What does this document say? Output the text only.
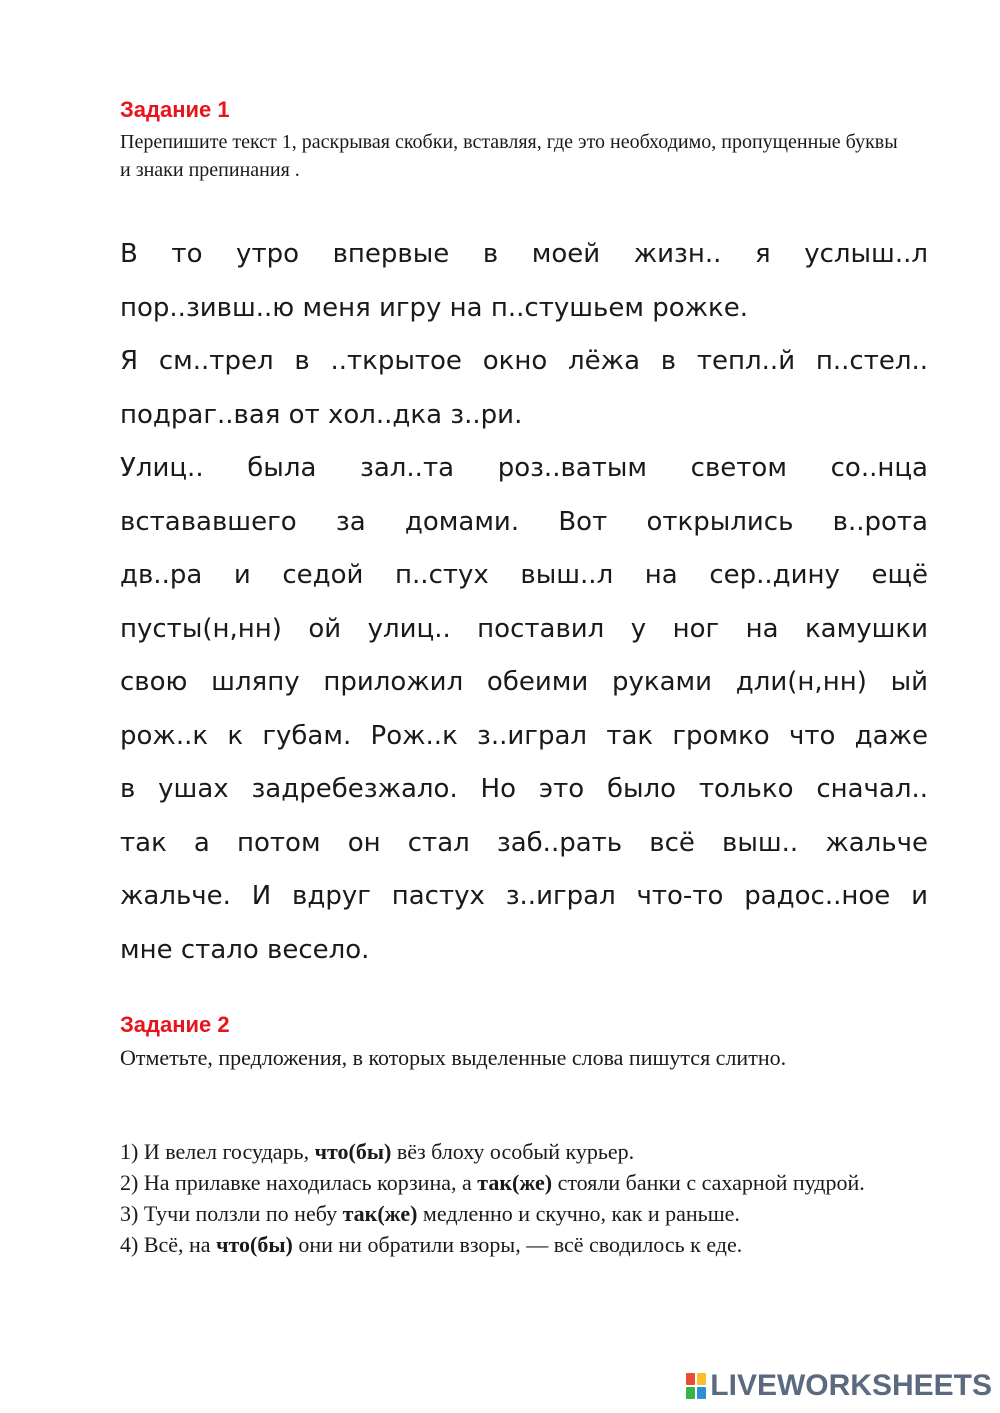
Задание 1
Перепишите текст 1, раскрывая скобки, вставляя, где это необходимо, пропущенные буквы и знаки препинания .
В то утро впервые в моей жизн.. я услыш..л
пор..зивш..ю меня игру на п..стушьем рожке.
Я см..трел в ..ткрытое окно лёжа в тепл..й п..стел..
подраг..вая от хол..дка з..ри.
Улиц.. была зал..та роз..ватым светом со..нца
встававшего за домами. Вот открылись в..рота
дв..ра и седой п..стух выш..л на сер..дину ещё
пусты(н,нн) ой улиц.. поставил у ног на камушки
свою шляпу приложил обеими руками дли(н,нн) ый
рож..к к губам. Рож..к з..играл так громко что даже
в ушах задребезжало. Но это было только сначал..
так а потом он стал заб..рать всё выш.. жальче
жальче. И вдруг пастух з..играл что-то радос..ное и
мне стало весело.
Задание 2
Отметьте, предложения, в которых выделенные слова пишутся слитно.

1) И велел государь, что(бы) вёз блоху особый курьер.

2) На прилавке находилась корзина, а так(же) стояли банки с сахарной пудрой.

3) Тучи ползли по небу так(же) медленно и скучно, как и раньше.

4) Всё, на что(бы) они ни обратили взоры, — всё сводилось к еде.

LIVEWORKSHEETS
